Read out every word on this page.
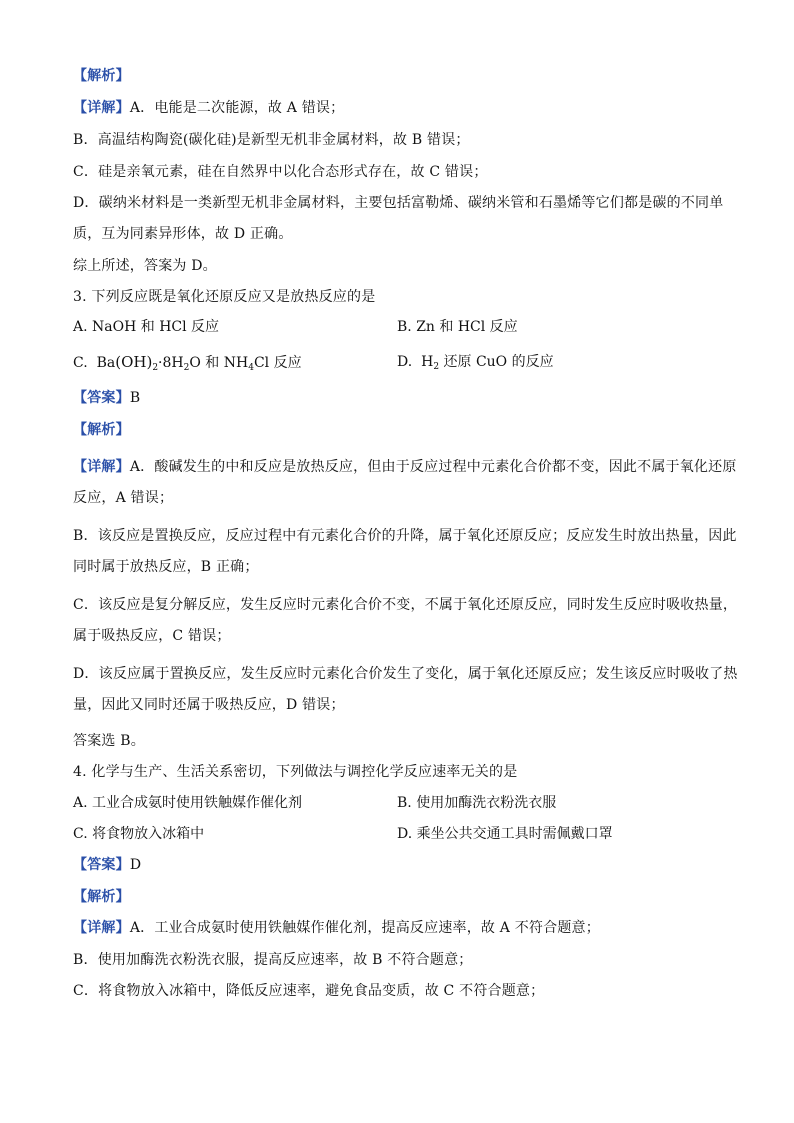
【解析】
【详解】A．电能是二次能源，故 A 错误；
B．高温结构陶瓷(碳化硅)是新型无机非金属材料，故 B 错误；
C．硅是亲氧元素，硅在自然界中以化合态形式存在，故 C 错误；
D．碳纳米材料是一类新型无机非金属材料，主要包括富勒烯、碳纳米管和石墨烯等它们都是碳的不同单
质，互为同素异形体，故 D 正确。
综上所述，答案为 D。
3. 下列反应既是氧化还原反应又是放热反应的是
A. NaOH 和 HCl 反应	B. Zn 和 HCl 反应
C. $Ba(OH)_2\cdot 8H_2O$ 和 $NH_4Cl$ 反应	D. $H_2$ 还原 CuO 的反应
【答案】B
【解析】
【详解】A．酸碱发生的中和反应是放热反应，但由于反应过程中元素化合价都不变，因此不属于氧化还原
反应，A 错误；
B．该反应是置换反应，反应过程中有元素化合价的升降，属于氧化还原反应；反应发生时放出热量，因此
同时属于放热反应，B 正确；
C．该反应是复分解反应，发生反应时元素化合价不变，不属于氧化还原反应，同时发生反应时吸收热量，
属于吸热反应，C 错误；
D．该反应属于置换反应，发生反应时元素化合价发生了变化，属于氧化还原反应；发生该反应时吸收了热
量，因此又同时还属于吸热反应，D 错误；
答案选 B。
4. 化学与生产、生活关系密切，下列做法与调控化学反应速率无关的是
A. 工业合成氨时使用铁触媒作催化剂	B. 使用加酶洗衣粉洗衣服
C. 将食物放入冰箱中	D. 乘坐公共交通工具时需佩戴口罩
【答案】D
【解析】
【详解】A．工业合成氨时使用铁触媒作催化剂，提高反应速率，故 A 不符合题意；
B．使用加酶洗衣粉洗衣服，提高反应速率，故 B 不符合题意；
C．将食物放入冰箱中，降低反应速率，避免食品变质，故 C 不符合题意；
